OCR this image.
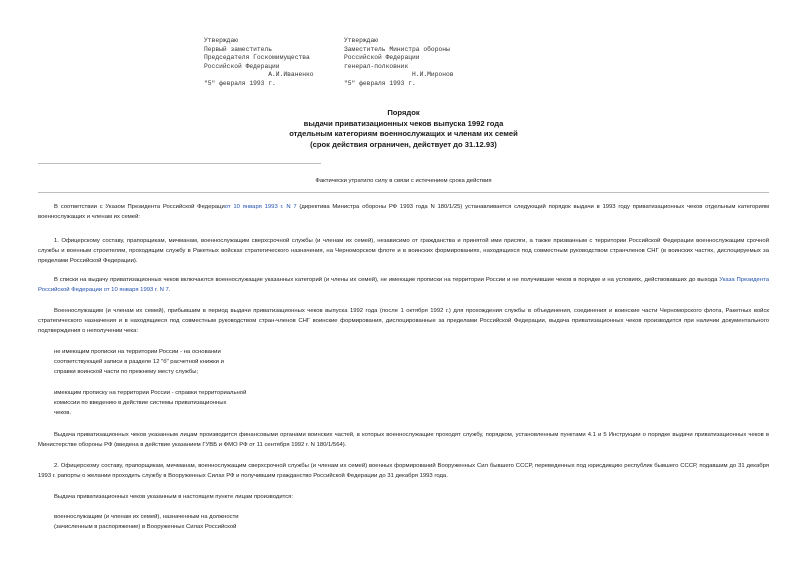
Утверждаю
Первый заместитель
Председателя Госкомимущества
Российской Федерации
А.И.Иваненко
"5" февраля 1993 г.
Утверждаю
Заместитель Министра обороны
Российской Федерации
генерал-полковник
Н.И.Миронов
"5" февраля 1993 г.
Порядок
выдачи приватизационных чеков выпуска 1992 года
отдельным категориям военнослужащих и членам их семей
(срок действия ограничен, действует до 31.12.93)
Фактически утратило силу в связи с истечением срока действия
В соответствии с Указом Президента Российской Федерациот 10 января 1993 г. N 7 (директива Министра обороны РФ 1993 года N 180/1/25) устанавливается следующий порядок выдачи в 1993 году приватизационных чеков отдельным категориям военнослужащих и членам их семей:
1. Офицерскому составу, прапорщикам, мичманам, военнослужащим сверхсрочной службы (и членам их семей), независимо от гражданства и принятой ими присяги, а также призванным с территории Российской Федерации военнослужащим срочной службы и военным строителям, проходящим службу в Ракетных войсках стратегического назначения, на Черноморском флоте и в воинских формированиях, находящихся под совместным руководством странчленов СНГ (в воинских частях, дислоцируемых за пределами Российской Федерации).
В списки на выдачу приватизационных чеков включаются военнослужащие указанных категорий (и члены их семей), не имеющие прописки на территории России и не получившие чеков в порядке и на условиях, действовавших до выхода Указа Президента Российской Федерации от 10 января 1993 г. N 7.
Военнослужащим (и членам их семей), прибывшим в период выдачи приватизационных чеков выпуска 1992 года (после 1 октября 1992 г.) для прохождения службы в объединения, соединения и воинские части Черноморского флота, Ракетных войск стратегического назначения и в находящиеся под совместным руководством стран-членов СНГ воинские формирования, дислоцированные за пределами Российской Федерации, выдача приватизационных чеков производится при наличии документального подтверждения о неполучении чека:
не имеющим прописки на территории России - на основании
соответствующей записи в разделе 12 "б" расчетной книжки и
справки воинской части по прежнему месту службы;
имеющим прописку на территории России - справки территориальной
комиссии по введению в действие системы приватизационных
чеков.
Выдача приватизационных чеков указанным лицам производится финансовыми органами воинских частей, в которых военнослужащие проходят службу, порядком, установленным пунктами 4.1 и 5 Инструкции о порядке выдачи приватизационных чеков в Министерстве обороны РФ (введена в действие указанием ГУВБ и ФМО РФ от 11 сентября 1992 г. N 180/1/564).
2. Офицерскому составу, прапорщикам, мичманам, военнослужащим сверхсрочной службы (и членам их семей) военных формирований Вооруженных Сил бывшего СССР, переведенных под юрисдикцию республик бывшего СССР, подавшим до 31 декабря 1993 г. рапорты о желании проходить службу в Вооруженных Силах РФ и получившим гражданство Российской Федерации до 31 декабря 1993 года.
Выдача приватизационных чеков указанным в настоящем пункте лицам производится:
военнослужащим (и членам их семей), назначенным на должности
(зачисленным в распоряжение) в Вооруженных Силах Российской
